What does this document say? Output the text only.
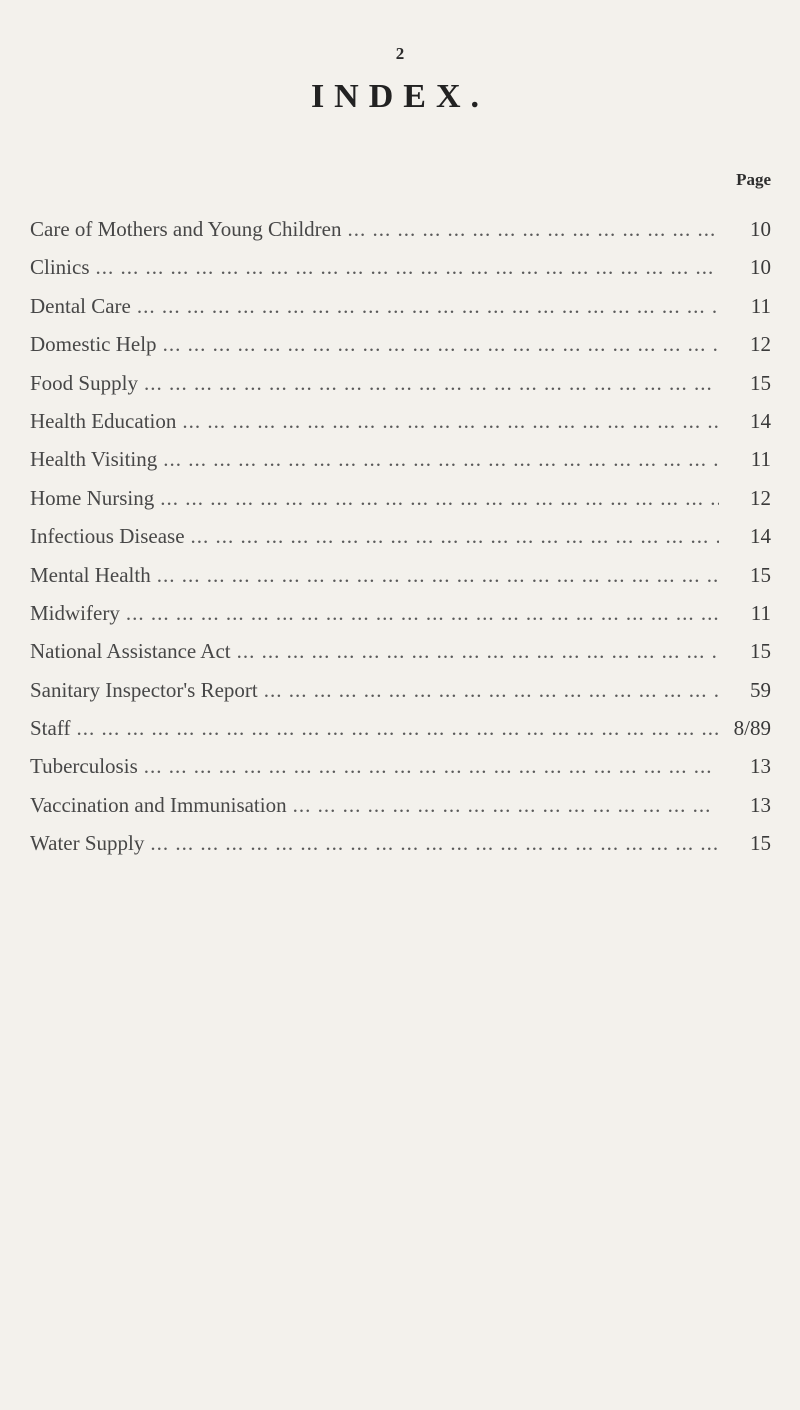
2
INDEX.
Page
Care of Mothers and Young Children ... .	10
Clinics ... .	10
Dental Care ... .	11
Domestic Help ... .	12
Food Supply ... .	15
Health Education ... .	14
Health Visiting ... .	11
Home Nursing ... .	12
Infectious Disease ... .	14
Mental Health ... .	15
Midwifery ... .	11
National Assistance Act ... .	15
Sanitary Inspector's Report ... .	59
Staff ... .	8/89
Tuberculosis ... .	13
Vaccination and Immunisation ... .	13
Water Supply ... .	15
